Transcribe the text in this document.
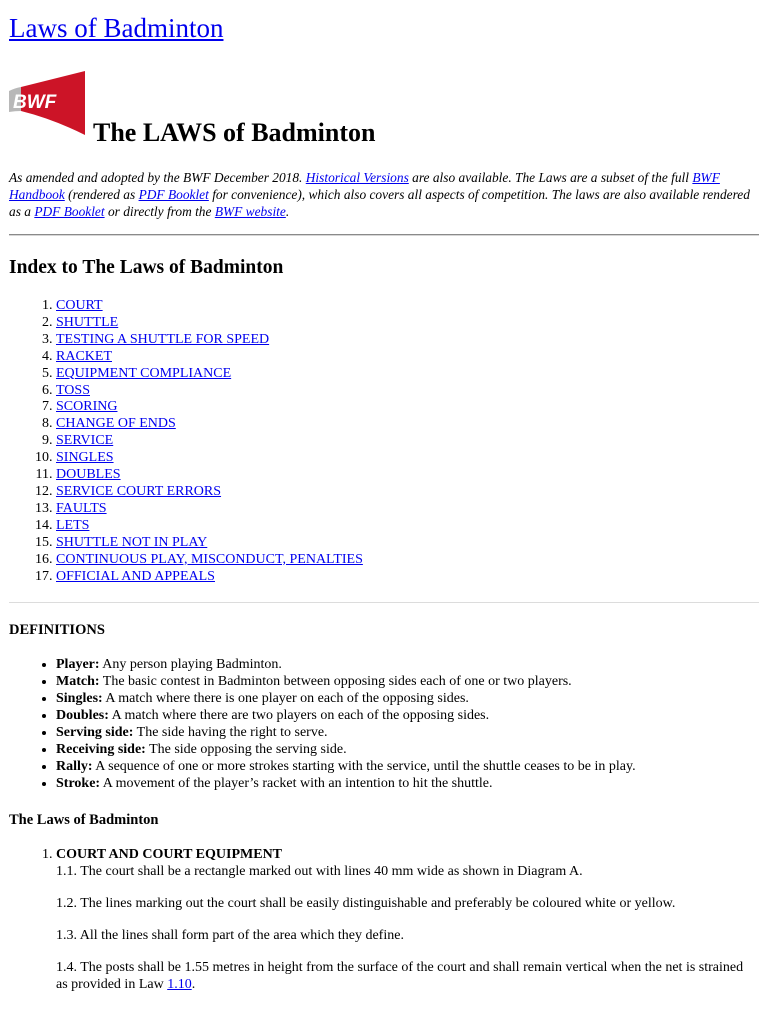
Laws of Badminton
BWF
The LAWS of Badminton

As amended and adopted by the BWF December 2018. Historical Versions are also available. The Laws are a subset of the full BWF Handbook (rendered as PDF Booklet for convenience), which also covers all aspects of competition. The laws are also available rendered as a PDF Booklet or directly from the BWF website.

Index to The Laws of Badminton
1. COURT
2. SHUTTLE
3. TESTING A SHUTTLE FOR SPEED
4. RACKET
5. EQUIPMENT COMPLIANCE
6. TOSS
7. SCORING
8. CHANGE OF ENDS
9. SERVICE
10. SINGLES
11. DOUBLES
12. SERVICE COURT ERRORS
13. FAULTS
14. LETS
15. SHUTTLE NOT IN PLAY
16. CONTINUOUS PLAY, MISCONDUCT, PENALTIES
17. OFFICIAL AND APPEALS
DEFINITIONS
• Player: Any person playing Badminton.
• Match: The basic contest in Badminton between opposing sides each of one or two players.
• Singles: A match where there is one player on each of the opposing sides.
• Doubles: A match where there are two players on each of the opposing sides.
• Serving side: The side having the right to serve.
• Receiving side: The side opposing the serving side.
• Rally: A sequence of one or more strokes starting with the service, until the shuttle ceases to be in play.
• Stroke: A movement of the player’s racket with an intention to hit the shuttle.
The Laws of Badminton
1. COURT AND COURT EQUIPMENT

1.1. The court shall be a rectangle marked out with lines 40 mm wide as shown in Diagram A.

1.2. The lines marking out the court shall be easily distinguishable and preferably be coloured white or yellow.

1.3. All the lines shall form part of the area which they define.

1.4. The posts shall be 1.55 metres in height from the surface of the court and shall remain vertical when the net is strained as provided in Law 1.10.
